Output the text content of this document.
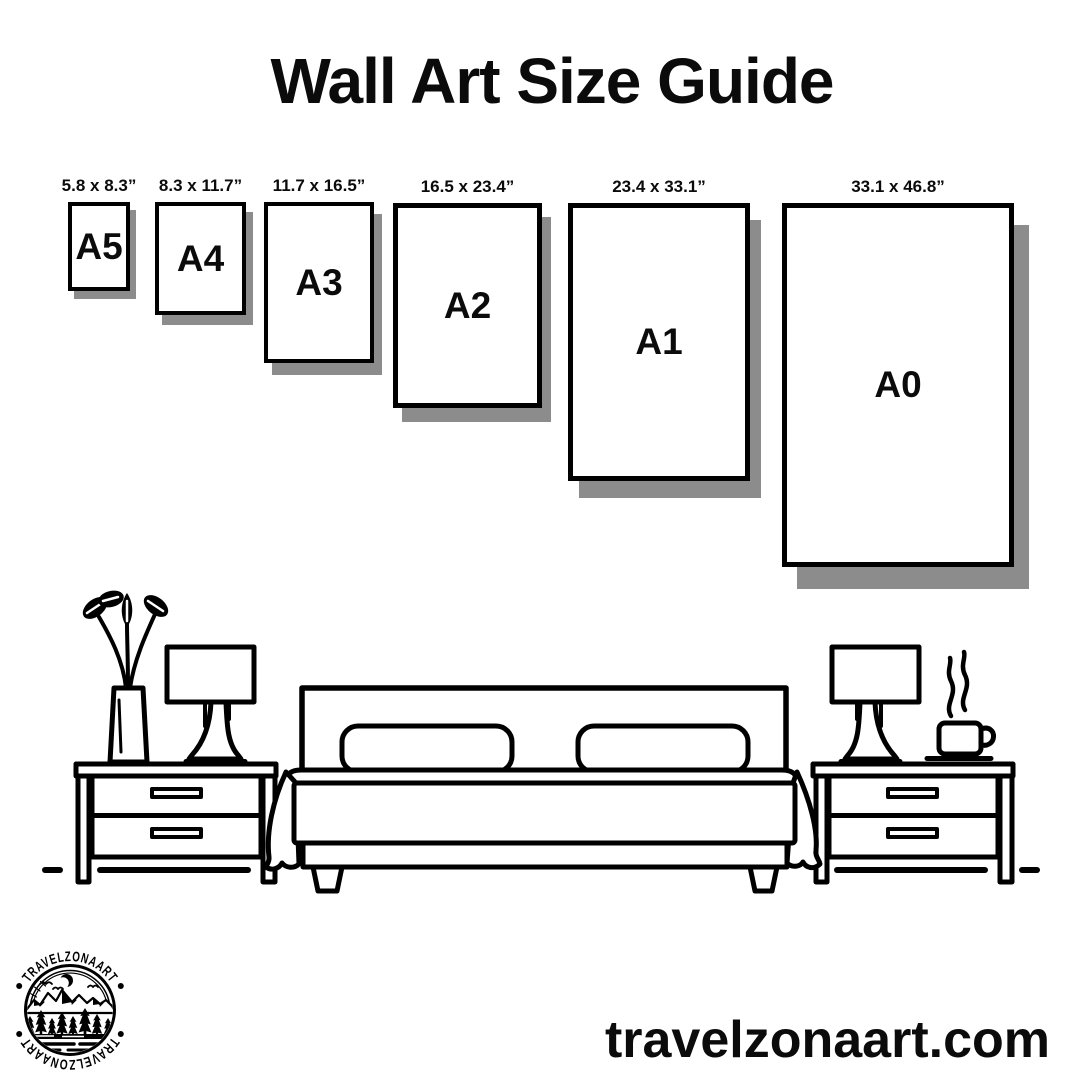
Wall Art Size Guide
5.8 x 8.3”	8.3 x 11.7”	11.7 x 16.5”	16.5 x 23.4”	23.4 x 33.1”	33.1 x 46.8”
A5 A4
A3
A2
A1
A0
TRAVELZONAART
TRAVELZONAART	travelzonaart.com
